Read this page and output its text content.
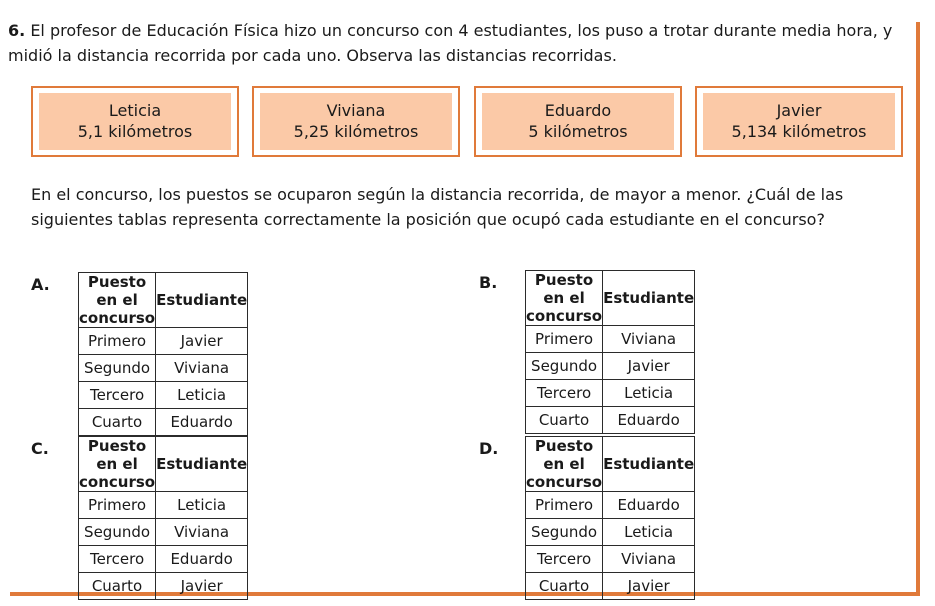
6. El profesor de Educación Física hizo un concurso con 4 estudiantes, los puso a trotar durante media hora, y midió la distancia recorrida por cada uno. Observa las distancias recorridas.
Leticia
5,1 kilómetros
Viviana
5,25 kilómetros
Eduardo
5 kilómetros
Javier
5,134 kilómetros
En el concurso, los puestos se ocuparon según la distancia recorrida, de mayor a menor. ¿Cuál de las siguientes tablas representa correctamente la posición que ocupó cada estudiante en el concurso?
A.	Puesto en el concurso	Estudiante
Primero	Javier
Segundo	Viviana
Tercero	Leticia
Cuarto	Eduardo
B.	Puesto en el concurso	Estudiante
Primero	Viviana
Segundo	Javier
Tercero	Leticia
Cuarto	Eduardo
C.	Puesto en el concurso	Estudiante
Primero	Leticia
Segundo	Viviana
Tercero	Eduardo
Cuarto	Javier
D. Puesto en el concurso	Estudiante
Primero	Eduardo
Segundo	Leticia
Tercero	Viviana
Cuarto	Javier
